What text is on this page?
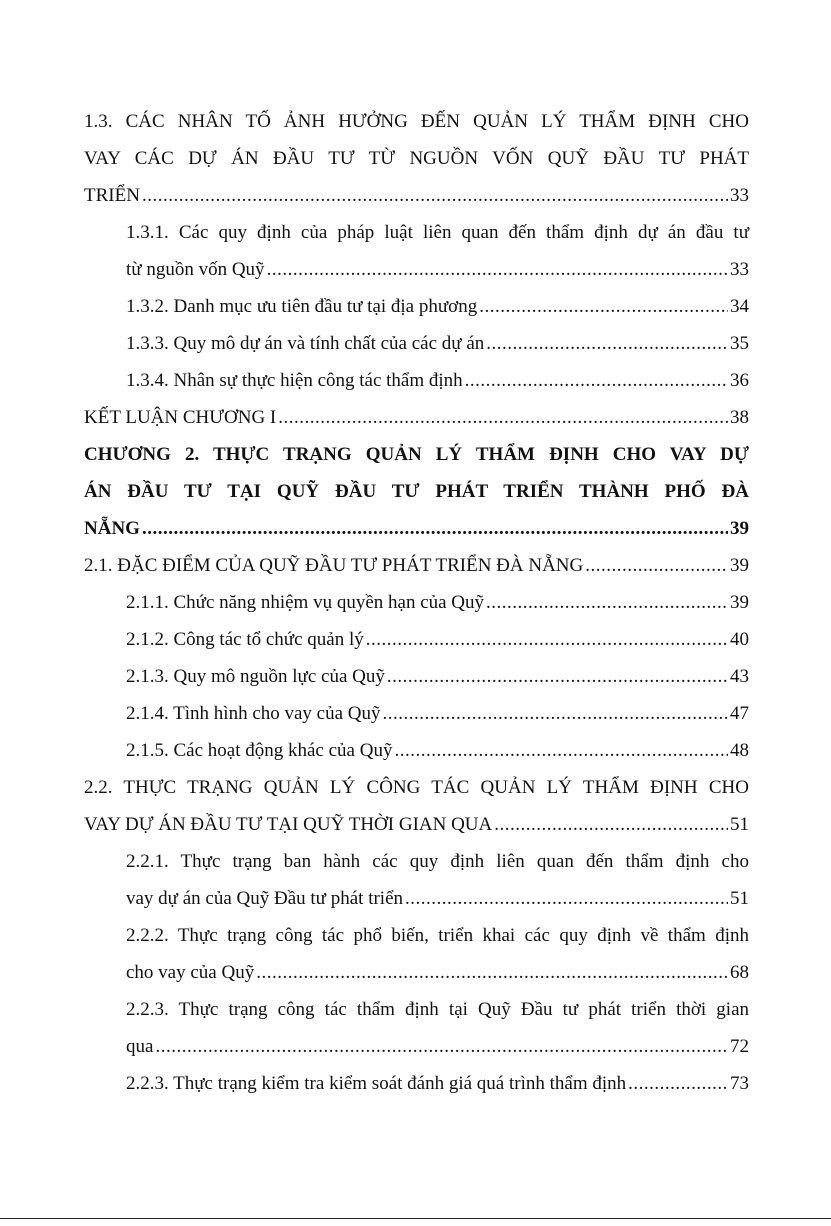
1.3. CÁC NHÂN TỐ ẢNH HƯỞNG ĐẾN QUẢN LÝ THẨM ĐỊNH CHO
VAY CÁC DỰ ÁN ĐẦU TƯ TỪ NGUỒN VỐN QUỸ ĐẦU TƯ PHÁT
TRIỂN .....	33
1.3.1. Các quy định của pháp luật liên quan đến thẩm định dự án đầu tư
từ nguồn vốn Quỹ .....	33
1.3.2. Danh mục ưu tiên đầu tư tại địa phương .....	34
1.3.3. Quy mô dự án và tính chất của các dự án .....	35
1.3.4. Nhân sự thực hiện công tác thẩm định .....	36
KẾT LUẬN CHƯƠNG I .....	38
CHƯƠNG 2. THỰC TRẠNG QUẢN LÝ THẨM ĐỊNH CHO VAY DỰ
ÁN ĐẦU TƯ TẠI QUỸ ĐẦU TƯ PHÁT TRIỂN THÀNH PHỐ ĐÀ
NẴNG .....	39
2.1. ĐẶC ĐIỂM CỦA QUỸ ĐẦU TƯ PHÁT TRIỂN ĐÀ NẴNG .....	39
2.1.1. Chức năng nhiệm vụ quyền hạn của Quỹ .....	39
2.1.2. Công tác tổ chức quản lý .....	40
2.1.3. Quy mô nguồn lực của Quỹ .....	43
2.1.4. Tình hình cho vay của Quỹ .....	47
2.1.5. Các hoạt động khác của Quỹ .....	48
2.2. THỰC TRẠNG QUẢN LÝ CÔNG TÁC QUẢN LÝ THẨM ĐỊNH CHO
VAY DỰ ÁN ĐẦU TƯ TẠI QUỸ THỜI GIAN QUA .....	51
2.2.1. Thực trạng ban hành các quy định liên quan đến thẩm định cho
vay dự án của Quỹ Đầu tư phát triển .....	51
2.2.2. Thực trạng công tác phổ biến, triển khai các quy định về thẩm định
cho vay của Quỹ .....	68
2.2.3. Thực trạng công tác thẩm định tại Quỹ Đầu tư phát triển thời gian
qua .....	72
2.2.3. Thực trạng kiểm tra kiểm soát đánh giá quá trình thẩm định .....	73
